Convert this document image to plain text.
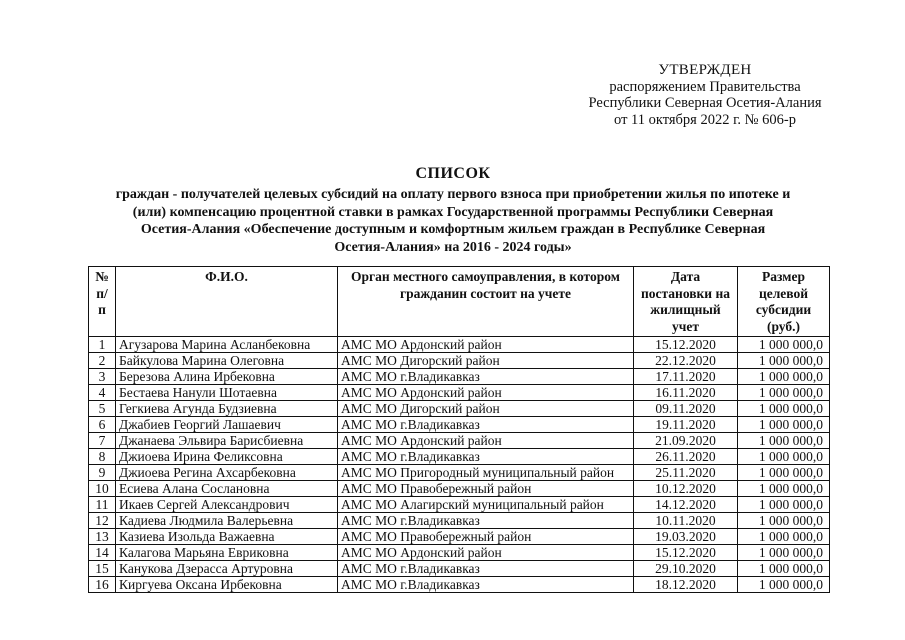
УТВЕРЖДЕН
распоряжением Правительства
Республики Северная Осетия-Алания
от 11 октября 2022 г. № 606-р
СПИСОК
граждан - получателей целевых субсидий на оплату первого взноса при приобретении жилья по ипотеке и
(или) компенсацию процентной ставки в рамках Государственной программы Республики Северная
Осетия-Алания «Обеспечение доступным и комфортным жильем граждан в Республике Северная
Осетия-Алания» на 2016 - 2024 годы»
№ п/ п	Ф.И.О.	Орган местного самоуправления, в котором гражданин состоит на учете	Дата постановки на жилищный учет	Размер целевой субсидии (руб.)
1	Агузарова Марина Асланбековна	АМС МО Ардонский район	15.12.2020	1 000 000,0
2	Байкулова Марина Олеговна	АМС МО Дигорский район	22.12.2020	1 000 000,0
3	Березова Алина Ирбековна	АМС МО г.Владикавказ	17.11.2020	1 000 000,0
4	Бестаева Нанули Шотаевна	АМС МО Ардонский район	16.11.2020	1 000 000,0
5	Гегкиева Агунда Будзиевна	АМС МО Дигорский район	09.11.2020	1 000 000,0
6	Джабиев Георгий Лашаевич	АМС МО г.Владикавказ	19.11.2020	1 000 000,0
7	Джанаева Эльвира Барисбиевна	АМС МО Ардонский район	21.09.2020	1 000 000,0
8	Джиоева Ирина Феликсовна	АМС МО г.Владикавказ	26.11.2020	1 000 000,0
9	Джиоева Регина Ахсарбековна	АМС МО Пригородный муниципальный район	25.11.2020	1 000 000,0
10	Есиева Алана Сослановна	АМС МО Правобережный район	10.12.2020	1 000 000,0
11	Икаев Сергей Александрович	АМС МО Алагирский муниципальный район	14.12.2020	1 000 000,0
12	Кадиева Людмила Валерьевна	АМС МО г.Владикавказ	10.11.2020	1 000 000,0
13	Казиева Изольда Важаевна	АМС МО Правобережный район	19.03.2020	1 000 000,0
14	Калагова Марьяна Евриковна	АМС МО Ардонский район	15.12.2020	1 000 000,0
15	Канукова Дзерасса Артуровна	АМС МО г.Владикавказ	29.10.2020	1 000 000,0
16	Киргуева Оксана Ирбековна	АМС МО г.Владикавказ	18.12.2020	1 000 000,0
